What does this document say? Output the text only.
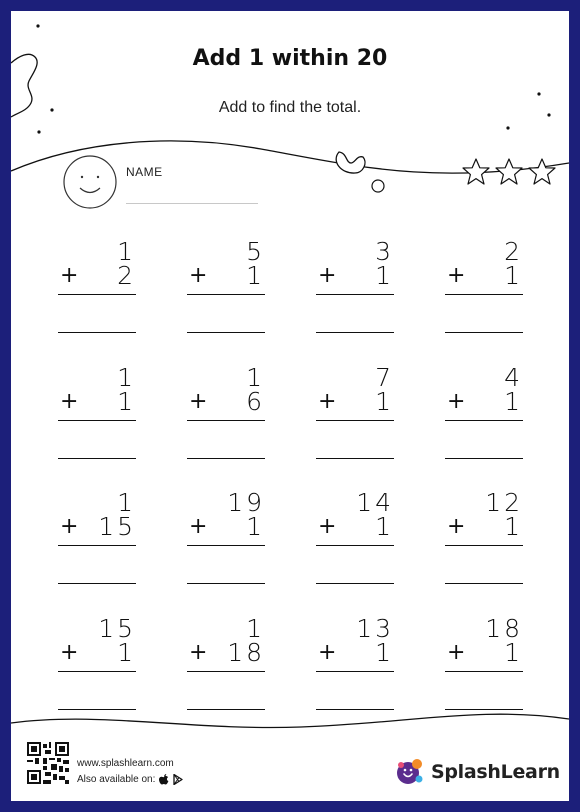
Add 1 within 20
Add to find the total.
NAME
1
+ 2
5
+ 1
3
+ 1
2
+ 1
1
+ 1
1
+ 6
7
+ 1
4
+ 1
1
+ 15
19
+ 1
14
+ 1
12
+ 1
15
+ 1
1
+ 18
13
+ 1
18
+ 1
www.splashlearn.com
Also available on:	SplashLearn
